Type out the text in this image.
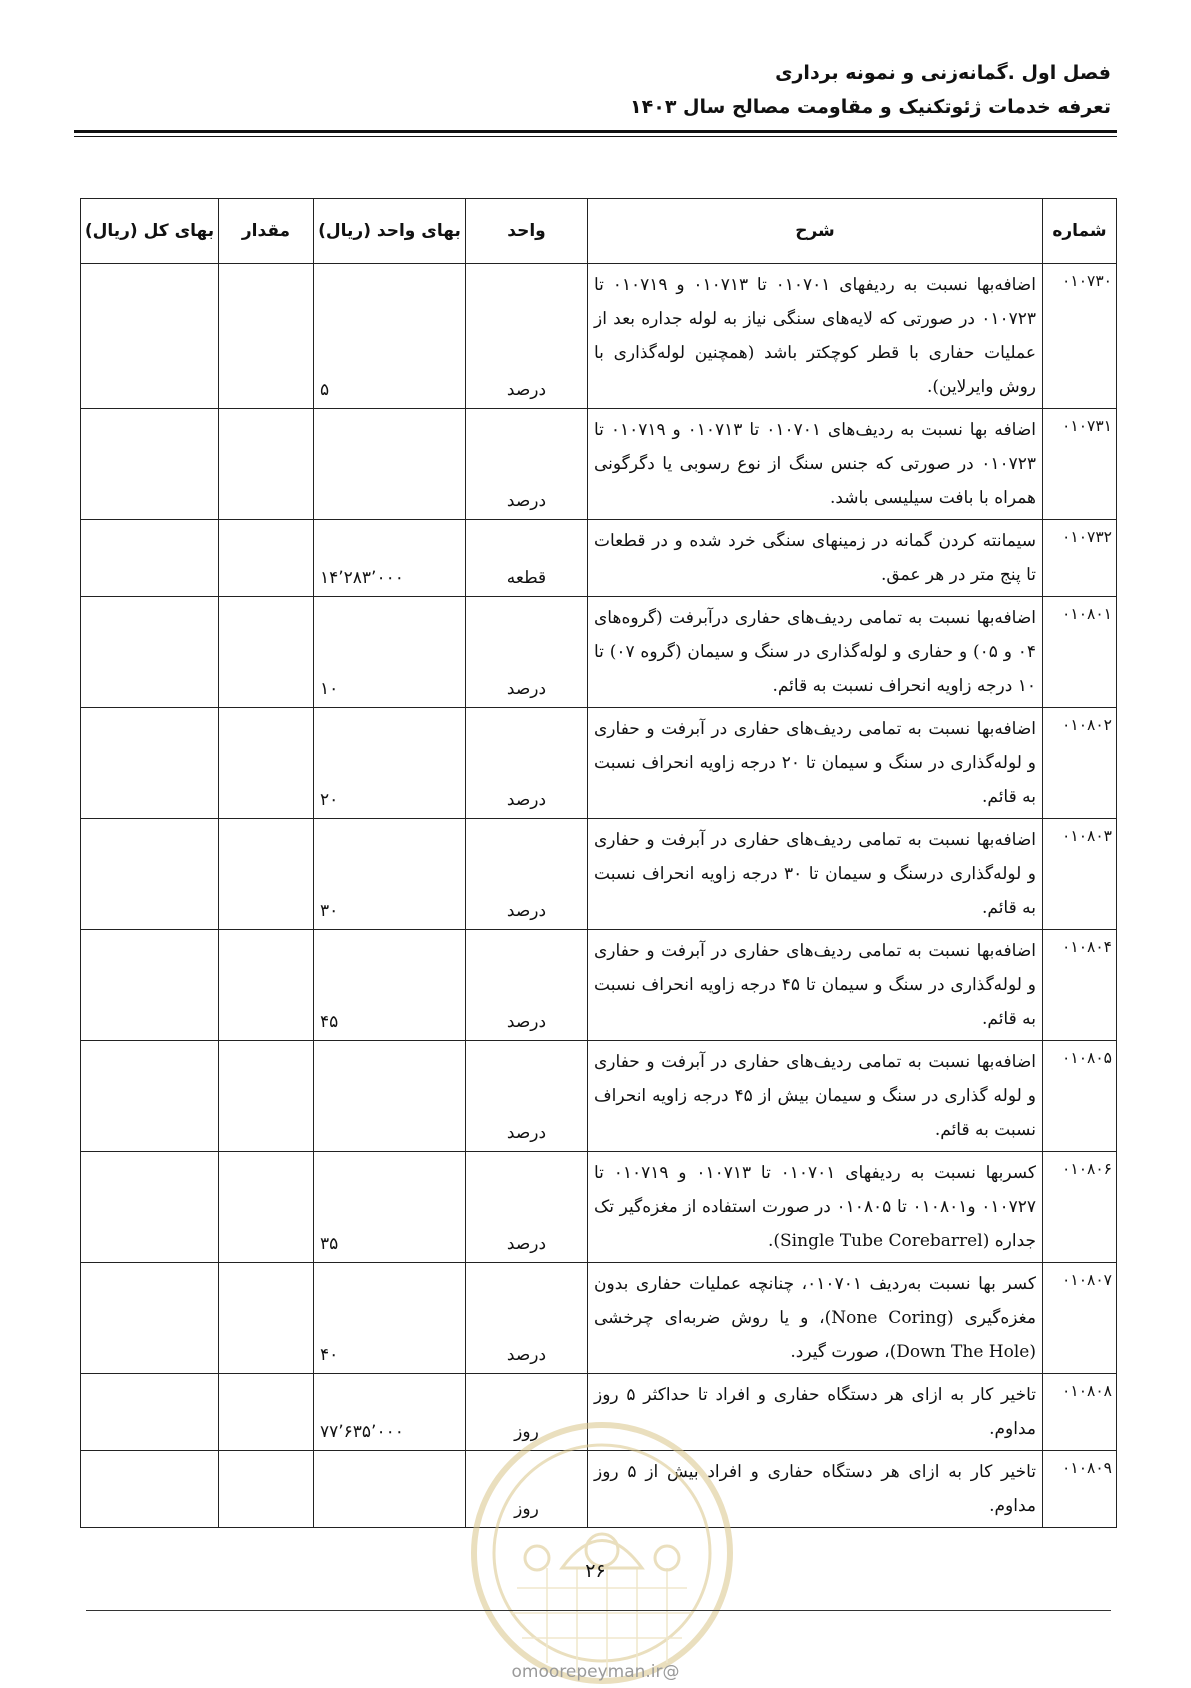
فصل اول .گمانه‌زنی و نمونه برداری

تعرفه خدمات ژئوتکنیک و مقاومت مصالح سال ۱۴۰۳

شماره	شرح	واحد	بهای واحد (ریال)	مقدار	بهای کل (ریال)
۰۱۰۷۳۰	اضافه‌بها نسبت به ردیفهای ۰۱۰۷۰۱ تا ۰۱۰۷۱۳ و ۰۱۰۷۱۹ تا ۰۱۰۷۲۳ در صورتی که لایه‌های سنگی نیاز به لوله جداره بعد از عملیات حفاری با قطر کوچکتر باشد (همچنین لوله‌گذاری با روش وایرلاین).	درصد	۵		
۰۱۰۷۳۱	اضافه بها نسبت به ردیف‌های ۰۱۰۷۰۱ تا ۰۱۰۷۱۳ و ۰۱۰۷۱۹ تا ۰۱۰۷۲۳ در صورتی که جنس سنگ از نوع رسوبی یا دگرگونی همراه با بافت سیلیسی باشد.	درصد			
۰۱۰۷۳۲	سیمانته کردن گمانه در زمینهای سنگی خرد شده و در قطعات تا پنج متر در هر عمق.	قطعه	۱۴٬۲۸۳٬۰۰۰		
۰۱۰۸۰۱	اضافه‌بها نسبت به تمامی ردیف‌های حفاری درآبرفت (گروه‌های ۰۴ و ۰۵) و حفاری و لوله‌گذاری در سنگ و سیمان (گروه ۰۷) تا ۱۰ درجه زاویه انحراف نسبت به قائم.	درصد	۱۰		
۰۱۰۸۰۲	اضافه‌بها نسبت به تمامی ردیف‌های حفاری در آبرفت و حفاری و لوله‌گذاری در سنگ و سیمان تا ۲۰ درجه زاویه انحراف نسبت به قائم.	درصد	۲۰		
۰۱۰۸۰۳	اضافه‌بها نسبت به تمامی ردیف‌های حفاری در آبرفت و حفاری و لوله‌گذاری درسنگ و سیمان تا ۳۰ درجه زاویه انحراف نسبت به قائم.	درصد	۳۰		
۰۱۰۸۰۴	اضافه‌بها نسبت به تمامی ردیف‌های حفاری در آبرفت و حفاری و لوله‌گذاری در سنگ و سیمان تا ۴۵ درجه زاویه انحراف نسبت به قائم.	درصد	۴۵		
۰۱۰۸۰۵	اضافه‌بها نسبت به تمامی ردیف‌های حفاری در آبرفت و حفاری و لوله گذاری در سنگ و سیمان بیش از ۴۵ درجه زاویه انحراف نسبت به قائم.	درصد			
۰۱۰۸۰۶	کسربها نسبت به ردیفهای ۰۱۰۷۰۱ تا ۰۱۰۷۱۳ و ۰۱۰۷۱۹ تا ۰۱۰۷۲۷ و۰۱۰۸۰۱ تا ۰۱۰۸۰۵ در صورت استفاده از مغزه‌گیر تک جداره (Single Tube Corebarrel).	درصد	۳۵		
۰۱۰۸۰۷	کسر بها نسبت به‌ردیف ۰۱۰۷۰۱، چنانچه عملیات حفاری بدون مغزه‌گیری (None Coring)، و یا روش ضربه‌ای چرخشی (Down The Hole)، صورت گیرد.	درصد	۴۰		
۰۱۰۸۰۸	تاخیر کار به ازای هر دستگاه حفاری و افراد تا حداکثر ۵ روز مداوم.	روز	۷۷٬۶۳۵٬۰۰۰		
۰۱۰۸۰۹	تاخیر کار به ازای هر دستگاه حفاری و افراد بیش از ۵ روز مداوم.	روز			
۲۶
@omoorepeyman.ir
